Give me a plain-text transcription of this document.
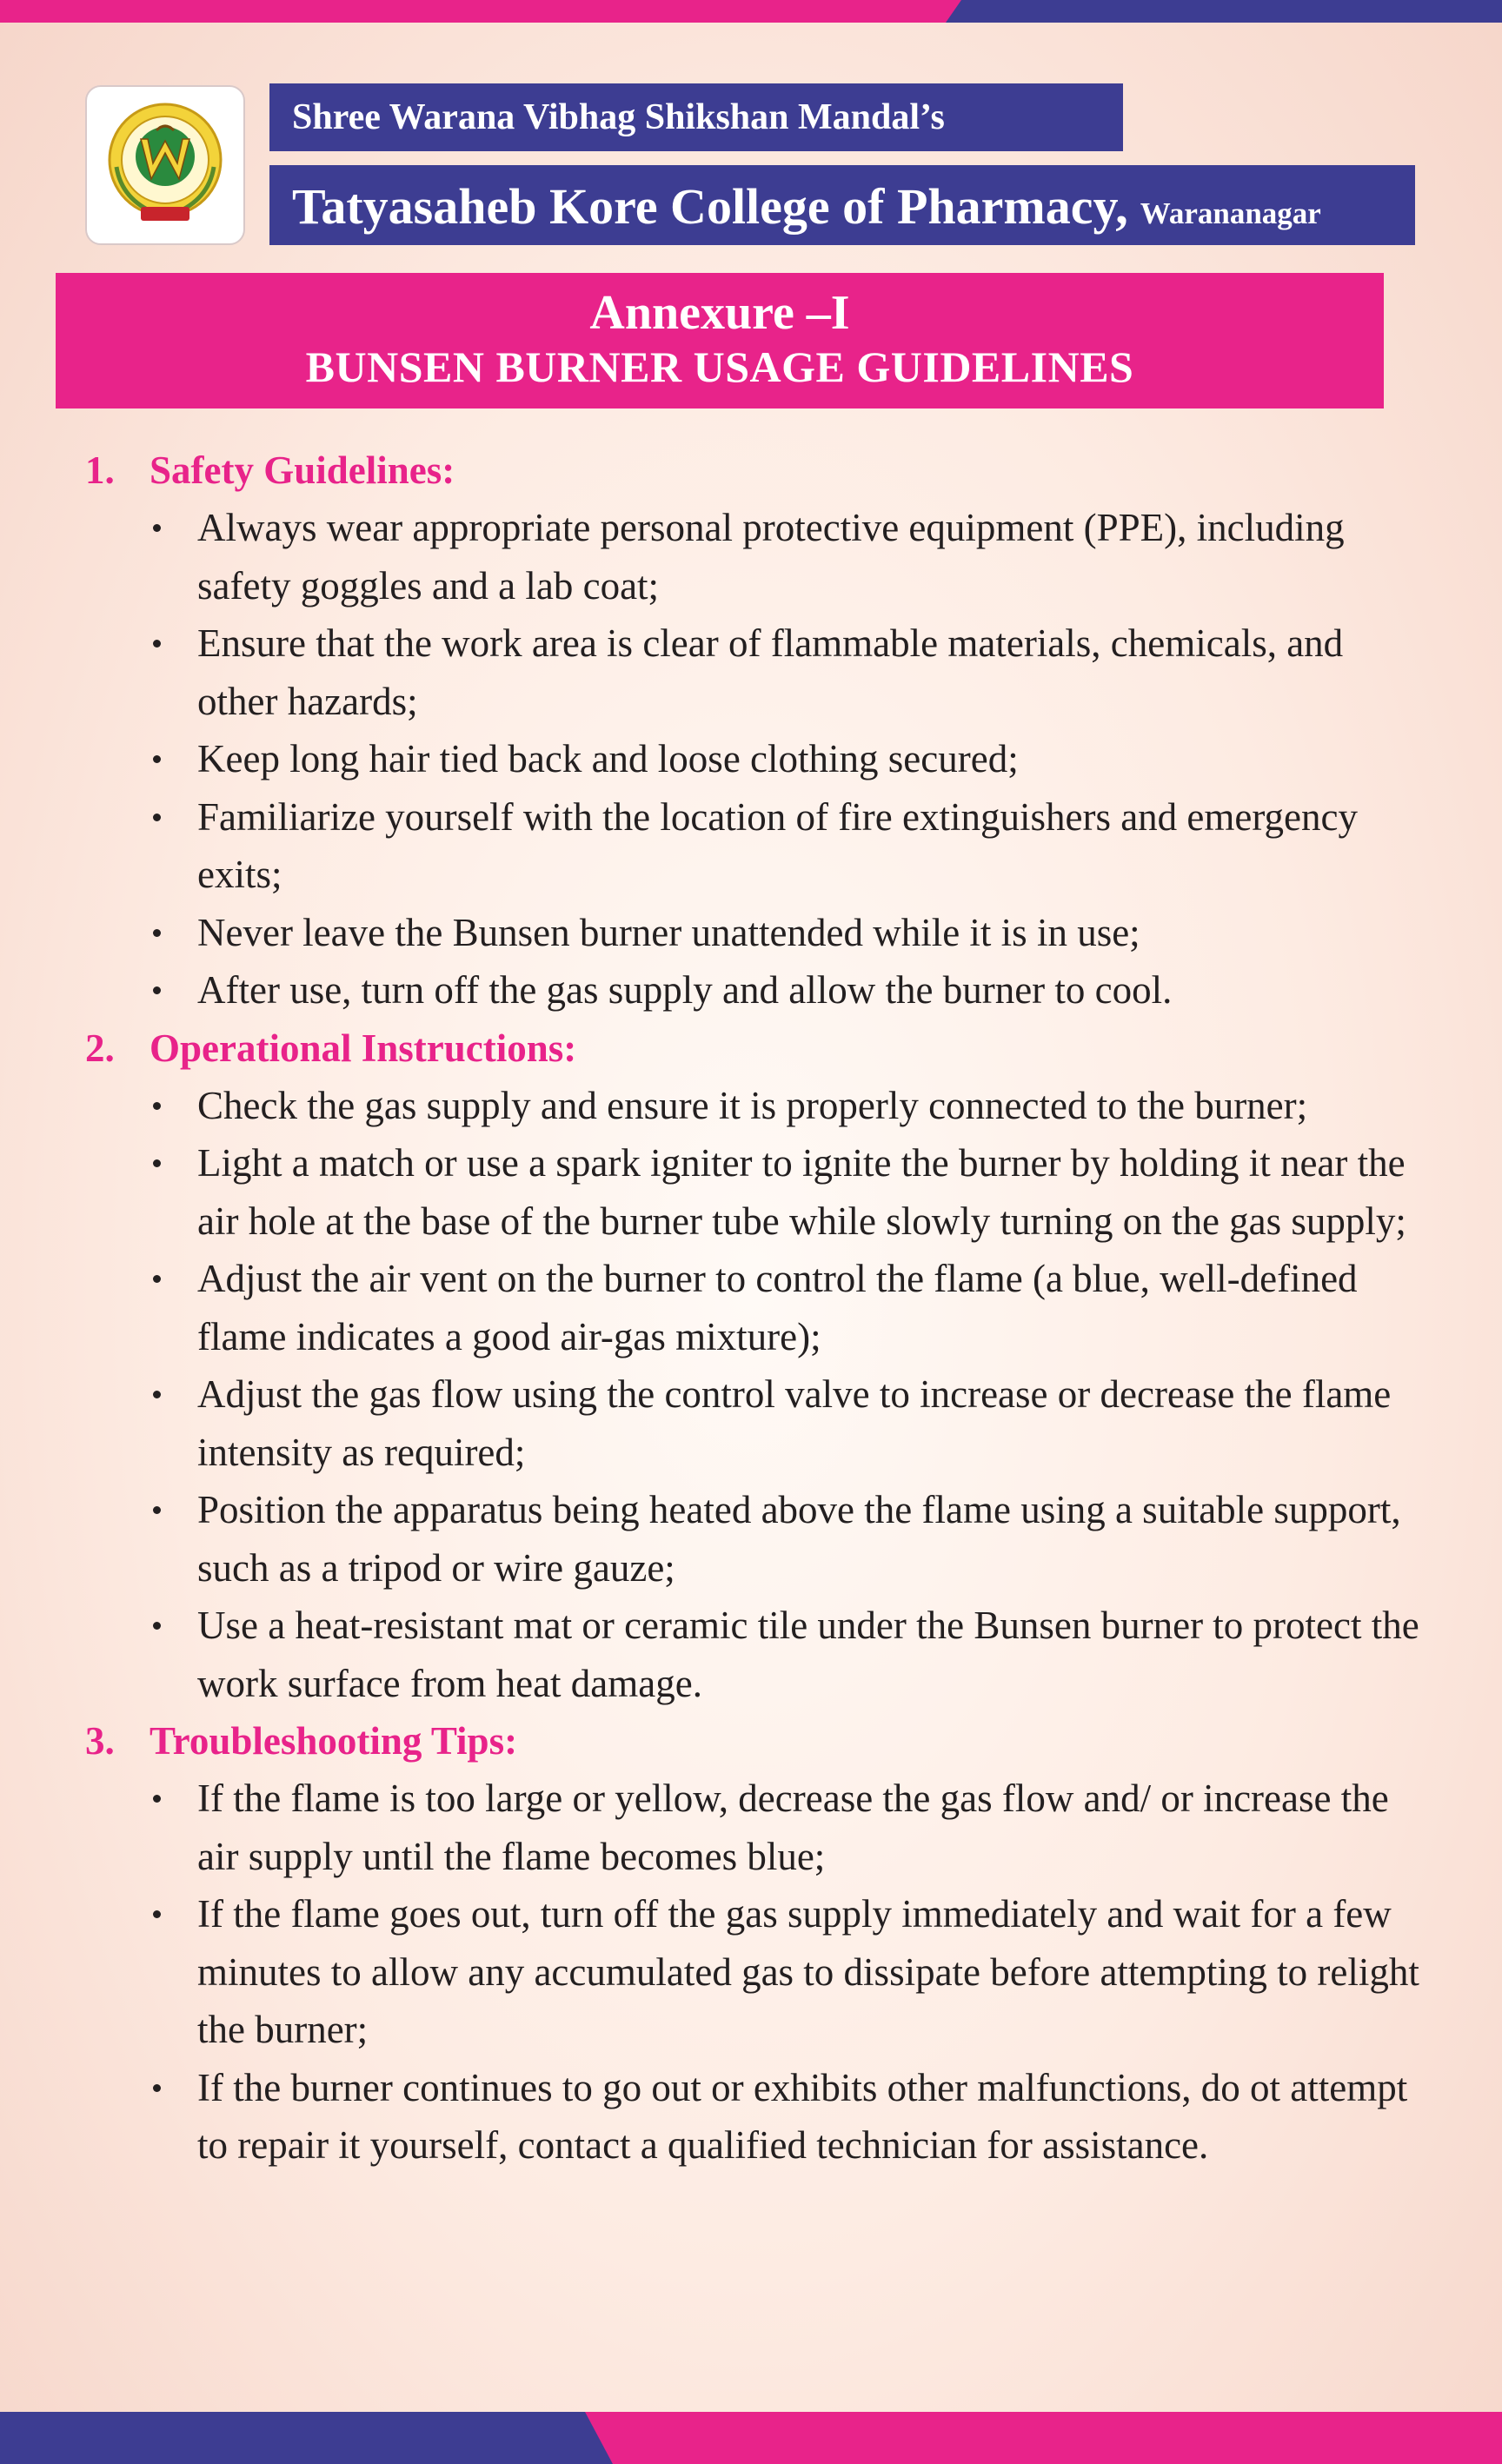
Shree Warana Vibhag Shikshan Mandal’s
Tatyasaheb Kore College of Pharmacy, Warananagar
Annexure –I
BUNSEN BURNER USAGE GUIDELINES
1. Safety Guidelines:
Always wear appropriate personal protective equipment (PPE), including safety goggles and a lab coat;
Ensure that the work area is clear of flammable materials, chemicals, and other hazards;
Keep long hair tied back and loose clothing secured;
Familiarize yourself with the location of fire extinguishers and emergency exits;
Never leave the Bunsen burner unattended while it is in use;
After use, turn off the gas supply and allow the burner to cool.
2. Operational Instructions:
Check the gas supply and ensure it is properly connected to the burner;
Light a match or use a spark igniter to ignite the burner by holding it near the air hole at the base of the burner tube while slowly turning on the gas supply;
Adjust the air vent on the burner to control the flame (a blue, well-defined flame indicates a good air-gas mixture);
Adjust the gas flow using the control valve to increase or decrease the flame intensity as required;
Position the apparatus being heated above the flame using a suitable support, such as a tripod or wire gauze;
Use a heat-resistant mat or ceramic tile under the Bunsen burner to protect the work surface from heat damage.
3. Troubleshooting Tips:
If the flame is too large or yellow, decrease the gas flow and/ or increase the air supply until the flame becomes blue;
If the flame goes out, turn off the gas supply immediately and wait for a few minutes to allow any accumulated gas to dissipate before attempting to relight the burner;
If the burner continues to go out or exhibits other malfunctions, do ot attempt to repair it yourself, contact a qualified technician for assistance.
